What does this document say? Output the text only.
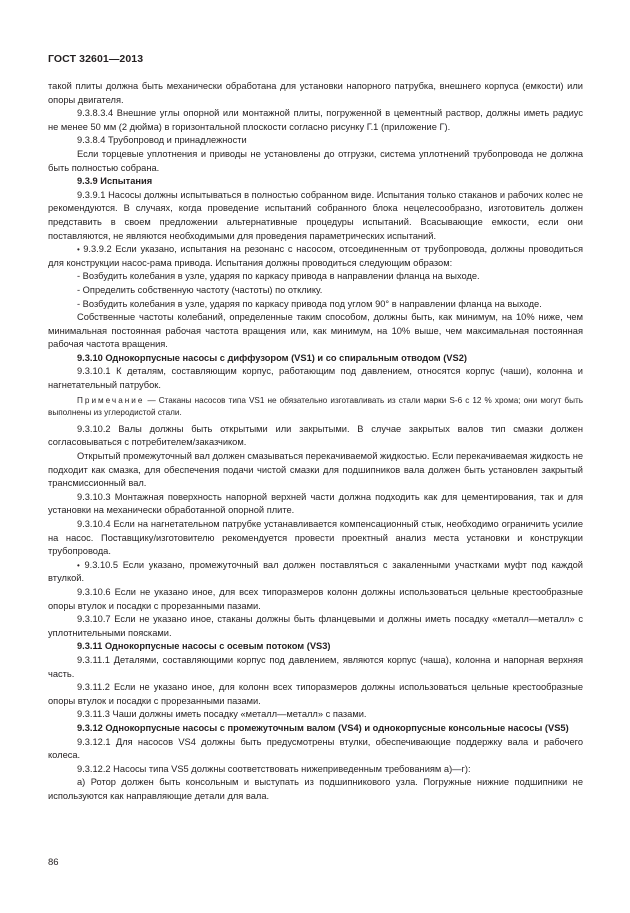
ГОСТ 32601—2013

такой плиты должна быть механически обработана для установки напорного патрубка, внешнего корпуса (емкости) или опоры двигателя.

9.3.8.3.4 Внешние углы опорной или монтажной плиты, погруженной в цементный раствор, должны иметь радиус не менее 50 мм (2 дюйма) в горизонтальной плоскости согласно рисунку Г.1 (приложение Г).

9.3.8.4 Трубопровод и принадлежности

Если торцевые уплотнения и приводы не установлены до отгрузки, система уплотнений трубопровода не должна быть полностью собрана.

9.3.9 Испытания

9.3.9.1 Насосы должны испытываться в полностью собранном виде. Испытания только стаканов и рабочих колес не рекомендуются. В случаях, когда проведение испытаний собранного блока нецелесообразно, изготовитель должен представить в своем предложении альтернативные процедуры испытаний. Всасывающие емкости, если они поставляются, не являются необходимыми для проведения параметрических испытаний.

• 9.3.9.2 Если указано, испытания на резонанс с насосом, отсоединенным от трубопровода, должны проводиться для конструкции насос-рама привода. Испытания должны проводиться следующим образом:

- Возбудить колебания в узле, ударяя по каркасу привода в направлении фланца на выходе.

- Определить собственную частоту (частоты) по отклику.

- Возбудить колебания в узле, ударяя по каркасу привода под углом 90° в направлении фланца на выходе.

Собственные частоты колебаний, определенные таким способом, должны быть, как минимум, на 10% ниже, чем минимальная постоянная рабочая частота вращения или, как минимум, на 10% выше, чем максимальная постоянная рабочая частота вращения.

9.3.10 Однокорпусные насосы с диффузором (VS1) и со спиральным отводом (VS2)

9.3.10.1 К деталям, составляющим корпус, работающим под давлением, относятся корпус (чаши), колонна и нагнетательный патрубок.

Примечание — Стаканы насосов типа VS1 не обязательно изготавливать из стали марки S-6 с 12 % хрома; они могут быть выполнены из углеродистой стали.

9.3.10.2 Валы должны быть открытыми или закрытыми. В случае закрытых валов тип смазки должен согласовываться с потребителем/заказчиком.

Открытый промежуточный вал должен смазываться перекачиваемой жидкостью. Если перекачиваемая жидкость не подходит как смазка, для обеспечения подачи чистой смазки для подшипников вала должен быть установлен закрытый трансмиссионный вал.

9.3.10.3 Монтажная поверхность напорной верхней части должна подходить как для цементирования, так и для установки на механически обработанной опорной плите.

9.3.10.4 Если на нагнетательном патрубке устанавливается компенсационный стык, необходимо ограничить усилие на насос. Поставщику/изготовителю рекомендуется провести проектный анализ места установки и конструкции трубопровода.

• 9.3.10.5 Если указано, промежуточный вал должен поставляться с закаленными участками муфт под каждой втулкой.

9.3.10.6 Если не указано иное, для всех типоразмеров колонн должны использоваться цельные крестообразные опоры втулок и посадки с прорезанными пазами.

9.3.10.7 Если не указано иное, стаканы должны быть фланцевыми и должны иметь посадку «металл—металл» с уплотнительными поясками.

9.3.11 Однокорпусные насосы с осевым потоком (VS3)

9.3.11.1 Деталями, составляющими корпус под давлением, являются корпус (чаша), колонна и напорная верхняя часть.

9.3.11.2 Если не указано иное, для колонн всех типоразмеров должны использоваться цельные крестообразные опоры втулок и посадки с прорезанными пазами.

9.3.11.3 Чаши должны иметь посадку «металл—металл» с пазами.

9.3.12 Однокорпусные насосы с промежуточным валом (VS4) и однокорпусные консольные насосы (VS5)

9.3.12.1 Для насосов VS4 должны быть предусмотрены втулки, обеспечивающие поддержку вала и рабочего колеса.

9.3.12.2 Насосы типа VS5 должны соответствовать нижеприведенным требованиям а)—г):

а) Ротор должен быть консольным и выступать из подшипникового узла. Погружные нижние подшипники не используются как направляющие детали для вала.

86
